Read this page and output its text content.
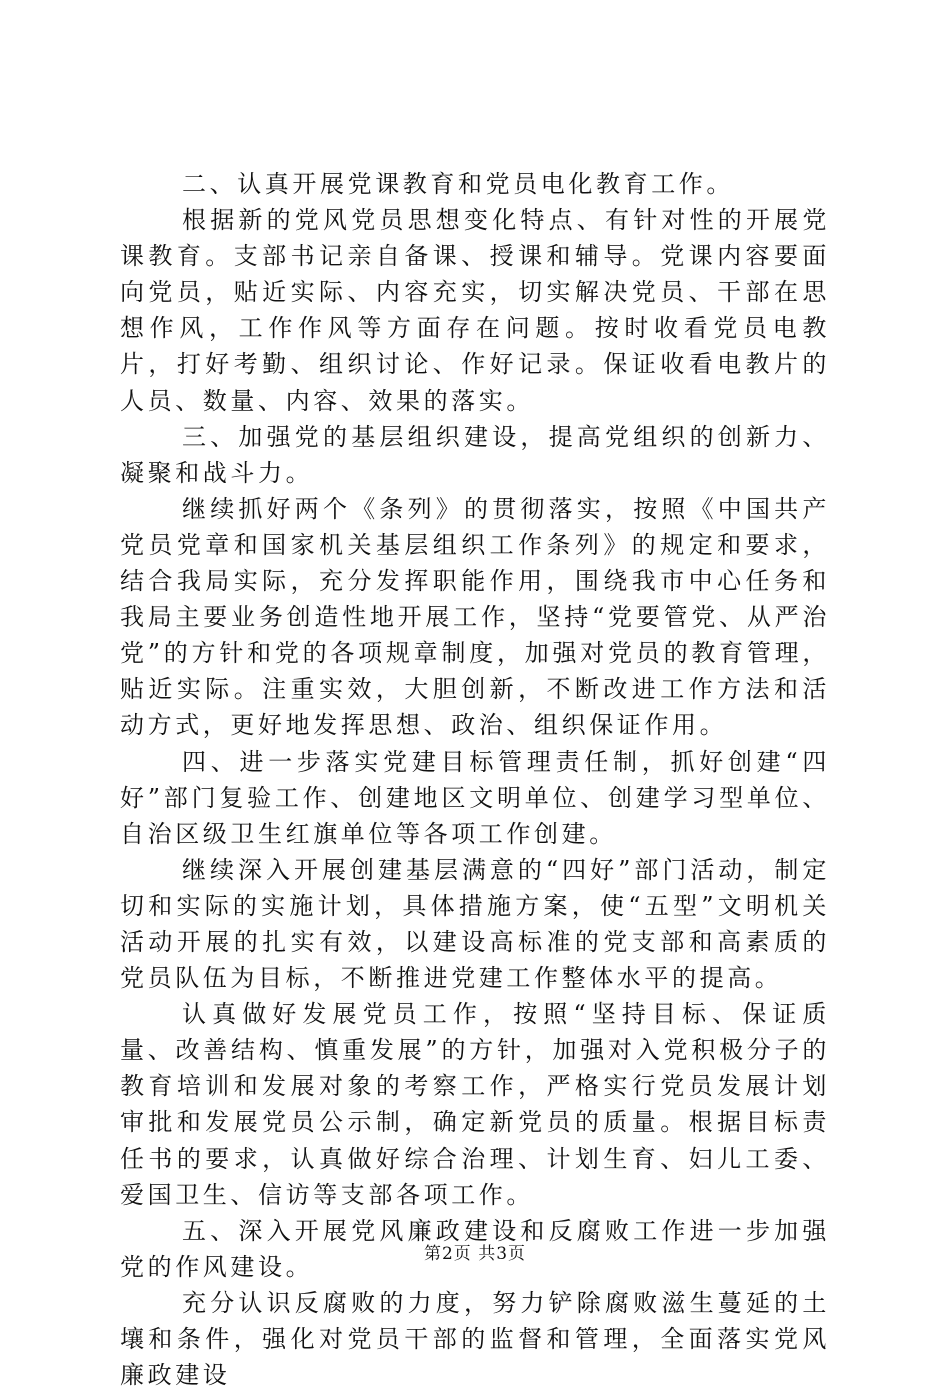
二、认真开展党课教育和党员电化教育工作。

根据新的党风党员思想变化特点、有针对性的开展党课教育。支部书记亲自备课、授课和辅导。党课内容要面向党员，贴近实际、内容充实，切实解决党员、干部在思想作风，工作作风等方面存在问题。按时收看党员电教片，打好考勤、组织讨论、作好记录。保证收看电教片的人员、数量、内容、效果的落实。

三、加强党的基层组织建设，提高党组织的创新力、凝聚和战斗力。

继续抓好两个《条列》的贯彻落实，按照《中国共产党员党章和国家机关基层组织工作条列》的规定和要求，结合我局实际，充分发挥职能作用，围绕我市中心任务和我局主要业务创造性地开展工作，坚持“党要管党、从严治党”的方针和党的各项规章制度，加强对党员的教育管理，贴近实际。注重实效，大胆创新，不断改进工作方法和活动方式，更好地发挥思想、政治、组织保证作用。

四、进一步落实党建目标管理责任制，抓好创建“四好”部门复验工作、创建地区文明单位、创建学习型单位、自治区级卫生红旗单位等各项工作创建。

继续深入开展创建基层满意的“四好”部门活动，制定切和实际的实施计划，具体措施方案，使“五型”文明机关活动开展的扎实有效，以建设高标准的党支部和高素质的党员队伍为目标，不断推进党建工作整体水平的提高。

认真做好发展党员工作，按照“坚持目标、保证质量、改善结构、慎重发展”的方针，加强对入党积极分子的教育培训和发展对象的考察工作，严格实行党员发展计划审批和发展党员公示制，确定新党员的质量。根据目标责任书的要求，认真做好综合治理、计划生育、妇儿工委、爱国卫生、信访等支部各项工作。

五、深入开展党风廉政建设和反腐败工作进一步加强党的作风建设。

充分认识反腐败的力度，努力铲除腐败滋生蔓延的土壤和条件，强化对党员干部的监督和管理，全面落实党风廉政建设

第2页 共3页
